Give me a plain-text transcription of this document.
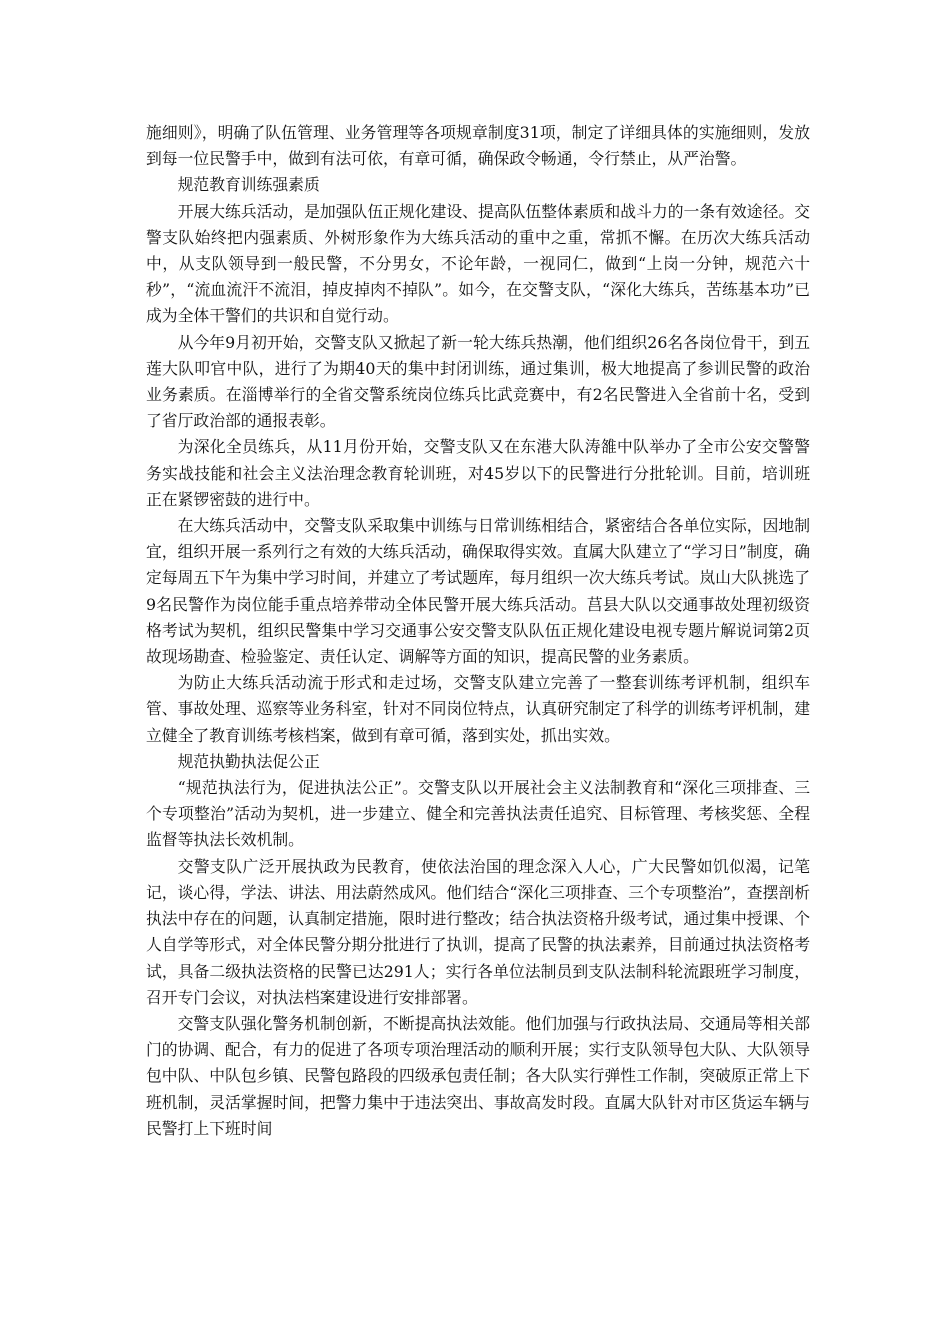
施细则》，明确了队伍管理、业务管理等各项规章制度31项，制定了详细具体的实施细则，发放到每一位民警手中，做到有法可依，有章可循，确保政令畅通，令行禁止，从严治警。

规范教育训练强素质

开展大练兵活动，是加强队伍正规化建设、提高队伍整体素质和战斗力的一条有效途径。交警支队始终把内强素质、外树形象作为大练兵活动的重中之重，常抓不懈。在历次大练兵活动中，从支队领导到一般民警，不分男女，不论年龄，一视同仁，做到“上岗一分钟，规范六十秒”，“流血流汗不流泪，掉皮掉肉不掉队”。如今，在交警支队，“深化大练兵，苦练基本功”已成为全体干警们的共识和自觉行动。

从今年9月初开始，交警支队又掀起了新一轮大练兵热潮，他们组织26名各岗位骨干，到五莲大队叩官中队，进行了为期40天的集中封闭训练，通过集训，极大地提高了参训民警的政治业务素质。在淄博举行的全省交警系统岗位练兵比武竞赛中，有2名民警进入全省前十名，受到了省厅政治部的通报表彰。

为深化全员练兵，从11月份开始，交警支队又在东港大队涛雒中队举办了全市公安交警警务实战技能和社会主义法治理念教育轮训班，对45岁以下的民警进行分批轮训。目前，培训班正在紧锣密鼓的进行中。

在大练兵活动中，交警支队采取集中训练与日常训练相结合，紧密结合各单位实际，因地制宜，组织开展一系列行之有效的大练兵活动，确保取得实效。直属大队建立了“学习日”制度，确定每周五下午为集中学习时间，并建立了考试题库，每月组织一次大练兵考试。岚山大队挑选了9名民警作为岗位能手重点培养带动全体民警开展大练兵活动。莒县大队以交通事故处理初级资格考试为契机，组织民警集中学习交通事公安交警支队队伍正规化建设电视专题片解说词第2页故现场勘查、检验鉴定、责任认定、调解等方面的知识，提高民警的业务素质。

为防止大练兵活动流于形式和走过场，交警支队建立完善了一整套训练考评机制，组织车管、事故处理、巡察等业务科室，针对不同岗位特点，认真研究制定了科学的训练考评机制，建立健全了教育训练考核档案，做到有章可循，落到实处，抓出实效。

规范执勤执法促公正

“规范执法行为，促进执法公正”。交警支队以开展社会主义法制教育和“深化三项排查、三个专项整治”活动为契机，进一步建立、健全和完善执法责任追究、目标管理、考核奖惩、全程监督等执法长效机制。

交警支队广泛开展执政为民教育，使依法治国的理念深入人心，广大民警如饥似渴，记笔记，谈心得，学法、讲法、用法蔚然成风。他们结合“深化三项排查、三个专项整治”，查摆剖析执法中存在的问题，认真制定措施，限时进行整改；结合执法资格升级考试，通过集中授课、个人自学等形式，对全体民警分期分批进行了执训，提高了民警的执法素养，目前通过执法资格考试，具备二级执法资格的民警已达291人；实行各单位法制员到支队法制科轮流跟班学习制度，召开专门会议，对执法档案建设进行安排部署。

交警支队强化警务机制创新，不断提高执法效能。他们加强与行政执法局、交通局等相关部门的协调、配合，有力的促进了各项专项治理活动的顺利开展；实行支队领导包大队、大队领导包中队、中队包乡镇、民警包路段的四级承包责任制；各大队实行弹性工作制，突破原正常上下班机制，灵活掌握时间，把警力集中于违法突出、事故高发时段。直属大队针对市区货运车辆与民警打上下班时间
